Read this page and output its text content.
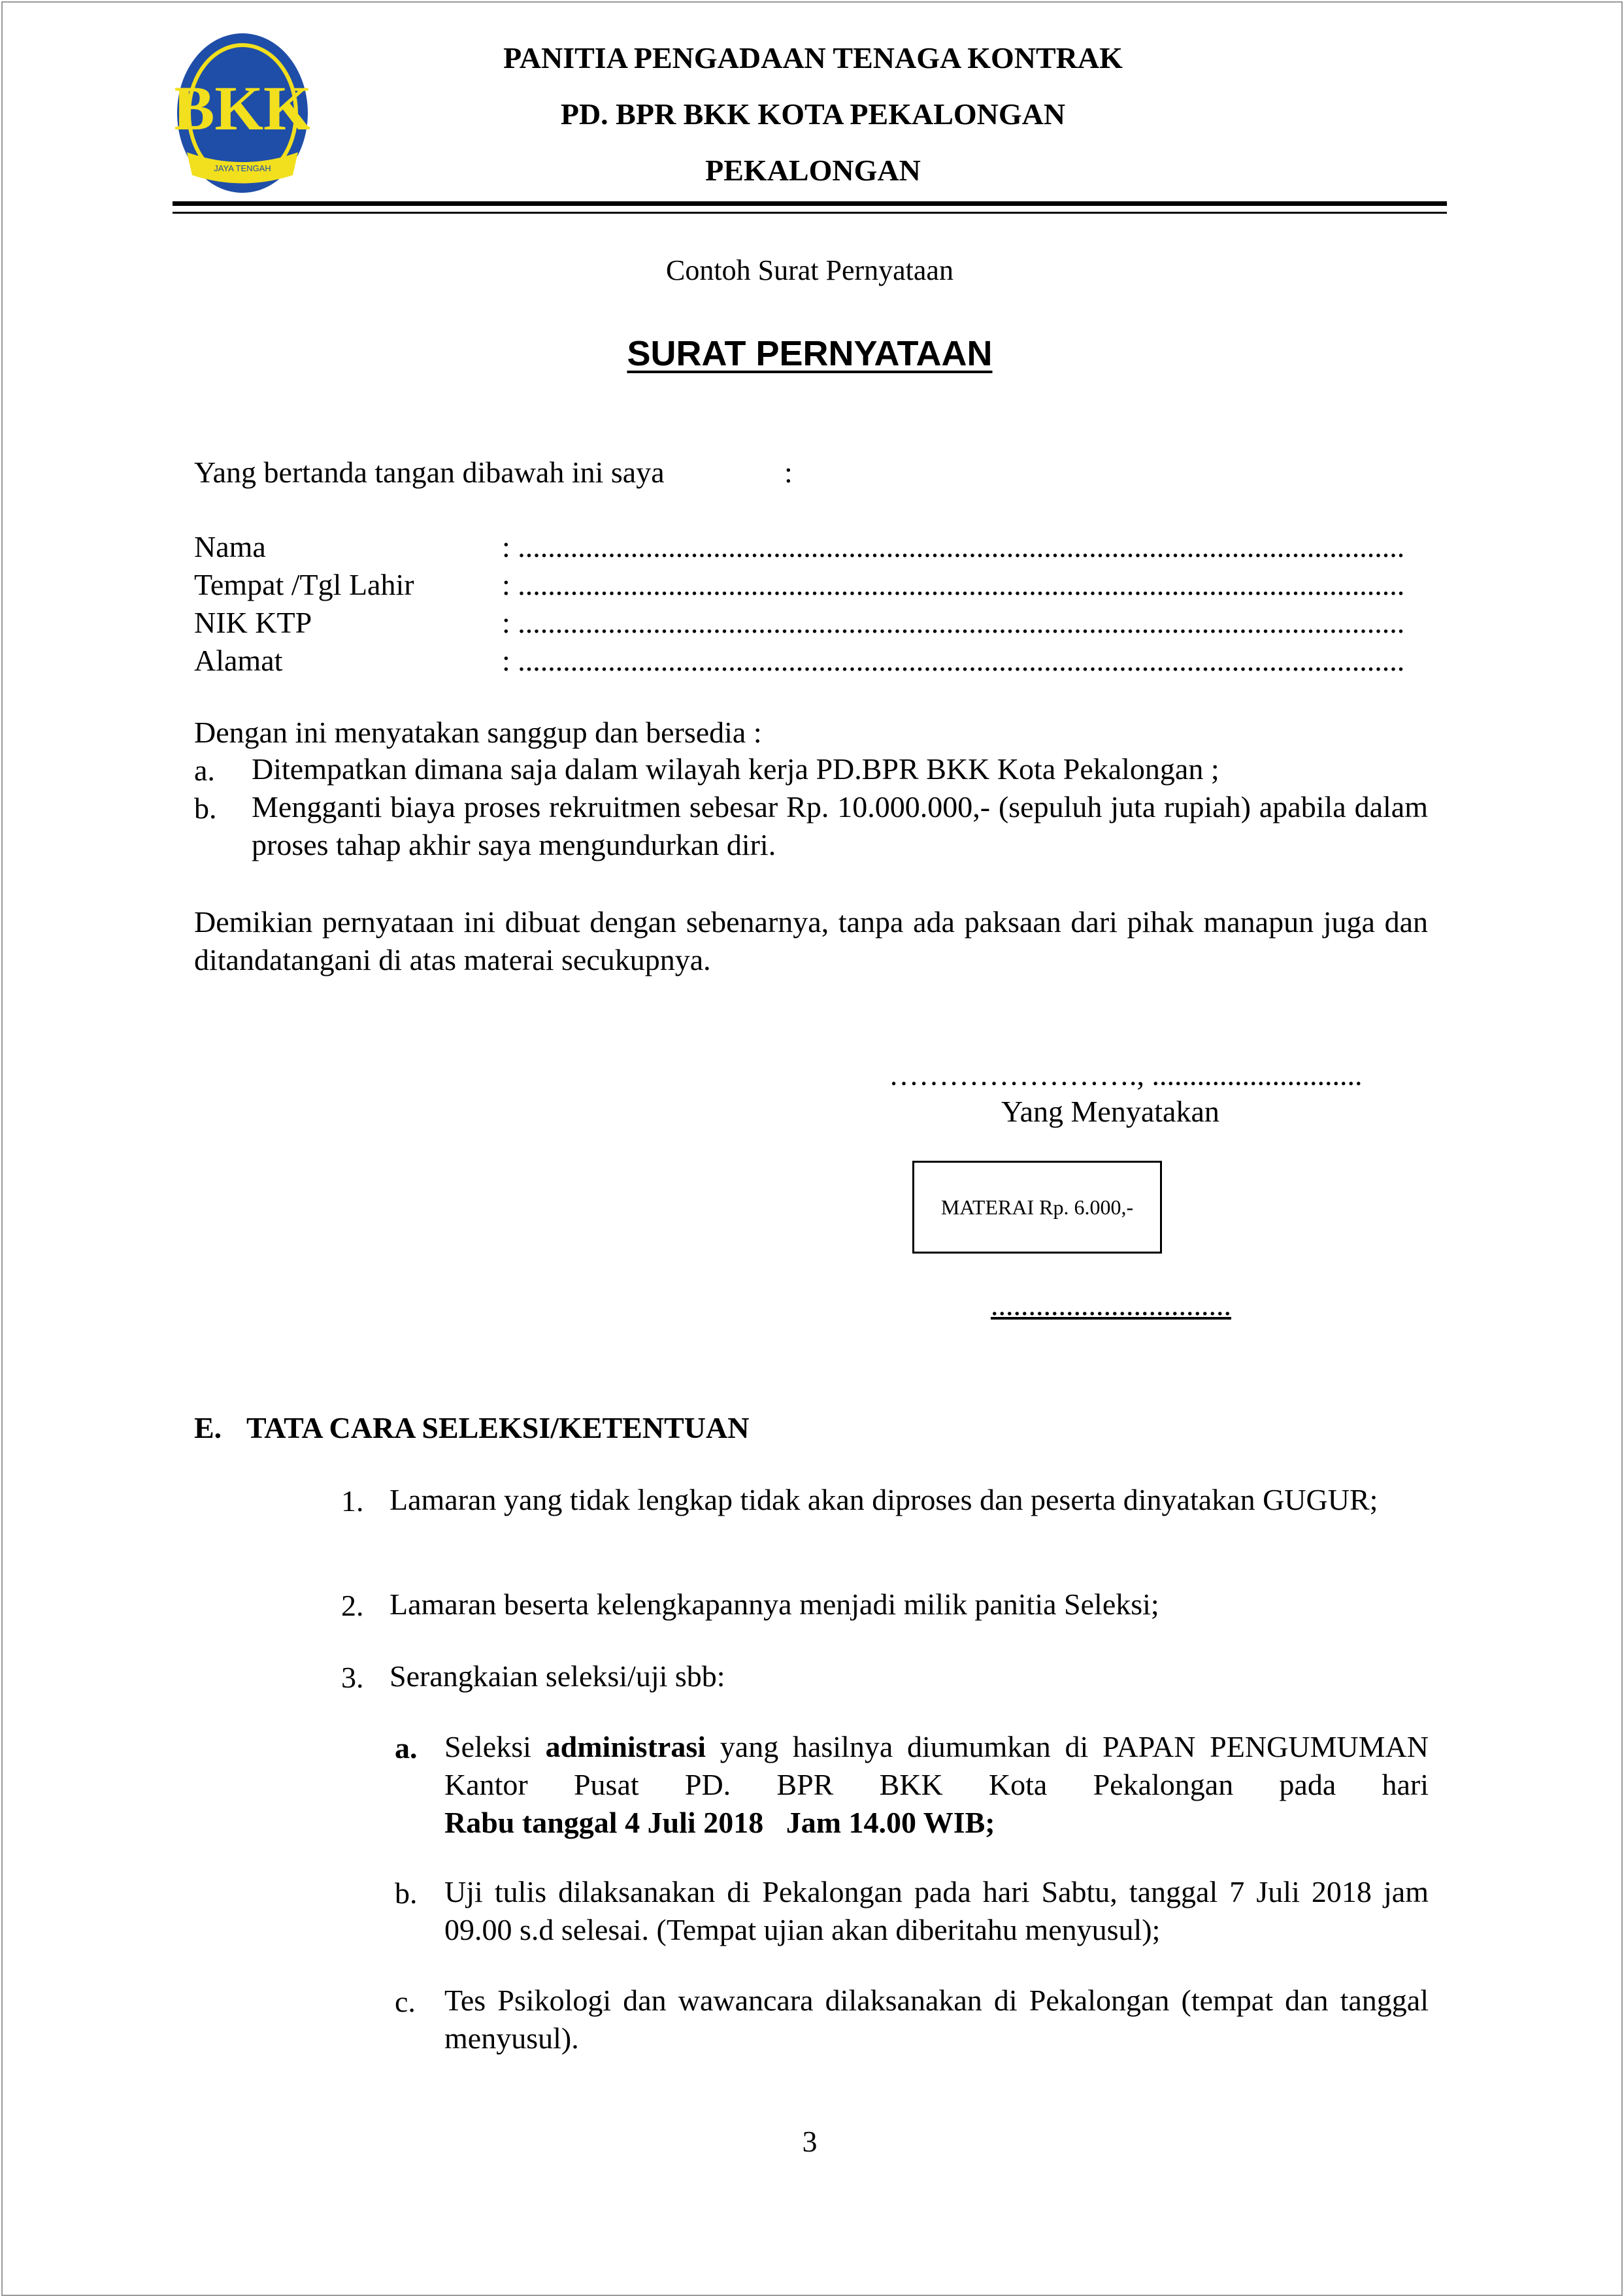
BKK
JAYA TENGAH
PANITIA PENGADAAN TENAGA KONTRAK
PD. BPR BKK KOTA PEKALONGAN
PEKALONGAN
Contoh Surat Pernyataan
SURAT PERNYATAAN
Yang bertanda tangan dibawah ini saya	:
Nama	: ......................................................................................................................
Tempat /Tgl Lahir	: ......................................................................................................................
NIK KTP	: ......................................................................................................................
Alamat	: ......................................................................................................................
Dengan ini menyatakan sanggup dan bersedia :
a. Ditempatkan dimana saja dalam wilayah kerja PD.BPR BKK Kota Pekalongan ;
b. Mengganti biaya proses rekruitmen sebesar Rp. 10.000.000,- (sepuluh juta rupiah) apabila dalam proses tahap akhir saya mengundurkan diri.
Demikian pernyataan ini dibuat dengan sebenarnya, tanpa ada paksaan dari pihak manapun juga dan ditandatangani di atas materai secukupnya.
……………………., ............................
Yang Menyatakan
MATERAI Rp. 6.000,-
................................
E. TATA CARA SELEKSI/KETENTUAN
1. Lamaran yang tidak lengkap tidak akan diproses dan peserta dinyatakan GUGUR;
2. Lamaran beserta kelengkapannya menjadi milik panitia Seleksi;
3. Serangkaian seleksi/uji sbb:
a. Seleksi administrasi yang hasilnya diumumkan di PAPAN PENGUMUMAN Kantor Pusat PD. BPR BKK Kota Pekalongan pada hari Rabu tanggal 4 Juli 2018   Jam 14.00 WIB;
b. Uji tulis dilaksanakan di Pekalongan pada hari Sabtu, tanggal 7 Juli 2018 jam 09.00 s.d selesai. (Tempat ujian akan diberitahu menyusul);
c. Tes Psikologi dan wawancara dilaksanakan di Pekalongan (tempat dan tanggal menyusul).
3
